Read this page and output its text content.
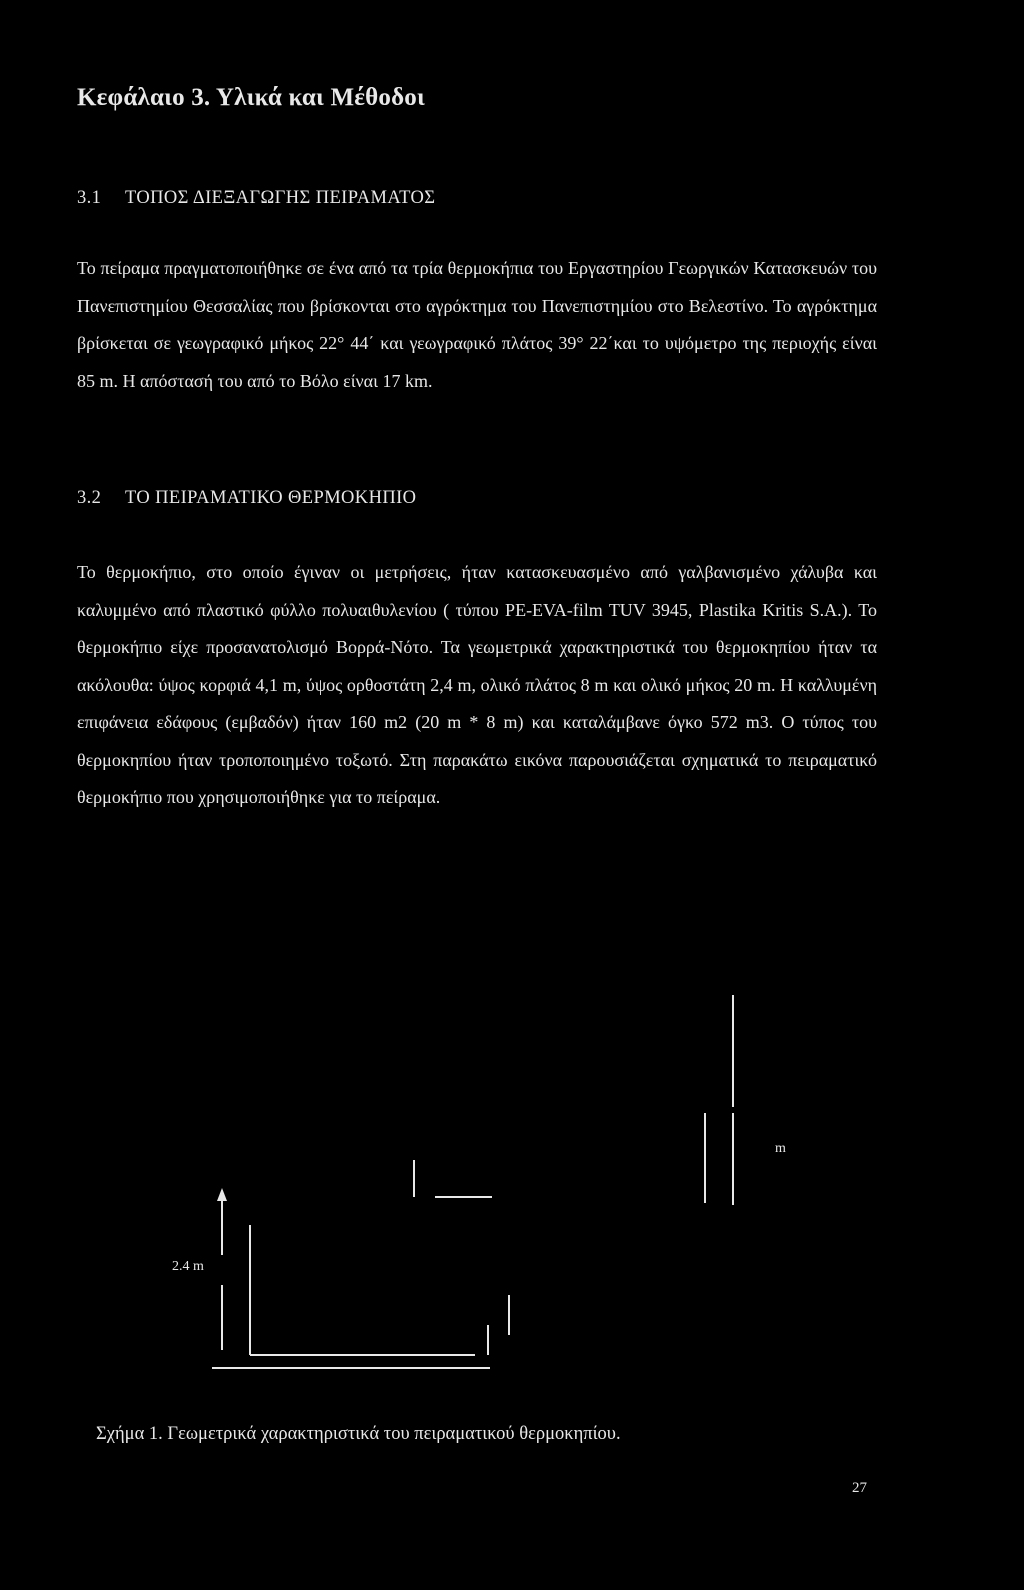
Κεφάλαιο 3. Υλικά και Μέθοδοι
3.1 ΤΟΠΟΣ ΔΙΕΞΑΓΩΓΗΣ ΠΕΙΡΑΜΑΤΟΣ

Το πείραμα πραγματοποιήθηκε σε ένα από τα τρία θερμοκήπια του Εργαστηρίου Γεωργικών Κατασκευών του Πανεπιστημίου Θεσσαλίας που βρίσκονται στο αγρόκτημα του Πανεπιστημίου στο Βελεστίνο. Το αγρόκτημα βρίσκεται σε γεωγραφικό μήκος 22° 44΄ και γεωγραφικό πλάτος 39° 22΄και το υψόμετρο της περιοχής είναι 85 m. Η απόστασή του από το Βόλο είναι 17 km.

3.2 ΤΟ ΠΕΙΡΑΜΑΤΙΚΟ ΘΕΡΜΟΚΗΠΙΟ

Το θερμοκήπιο, στο οποίο έγιναν οι μετρήσεις, ήταν κατασκευασμένο από γαλβανισμένο χάλυβα και καλυμμένο από πλαστικό φύλλο πολυαιθυλενίου ( τύπου PE-EVA-film TUV 3945, Plastika Kritis S.A.). Το θερμοκήπιο είχε προσανατολισμό Βορρά-Νότο. Τα γεωμετρικά χαρακτηριστικά του θερμοκηπίου ήταν τα ακόλουθα: ύψος κορφιά 4,1 m, ύψος ορθοστάτη 2,4 m, ολικό πλάτος 8 m και ολικό μήκος 20 m. Η καλλυμένη επιφάνεια εδάφους (εμβαδόν) ήταν 160 m2 (20 m * 8 m) και καταλάμβανε όγκο 572 m3. Ο τύπος του θερμοκηπίου ήταν τροποποιημένο τοξωτό. Στη παρακάτω εικόνα παρουσιάζεται σχηματικά το πειραματικό θερμοκήπιο που χρησιμοποιήθηκε για το πείραμα.

2.4 m
m
Σχήμα 1. Γεωμετρικά χαρακτηριστικά του πειραματικού θερμοκηπίου.
27
